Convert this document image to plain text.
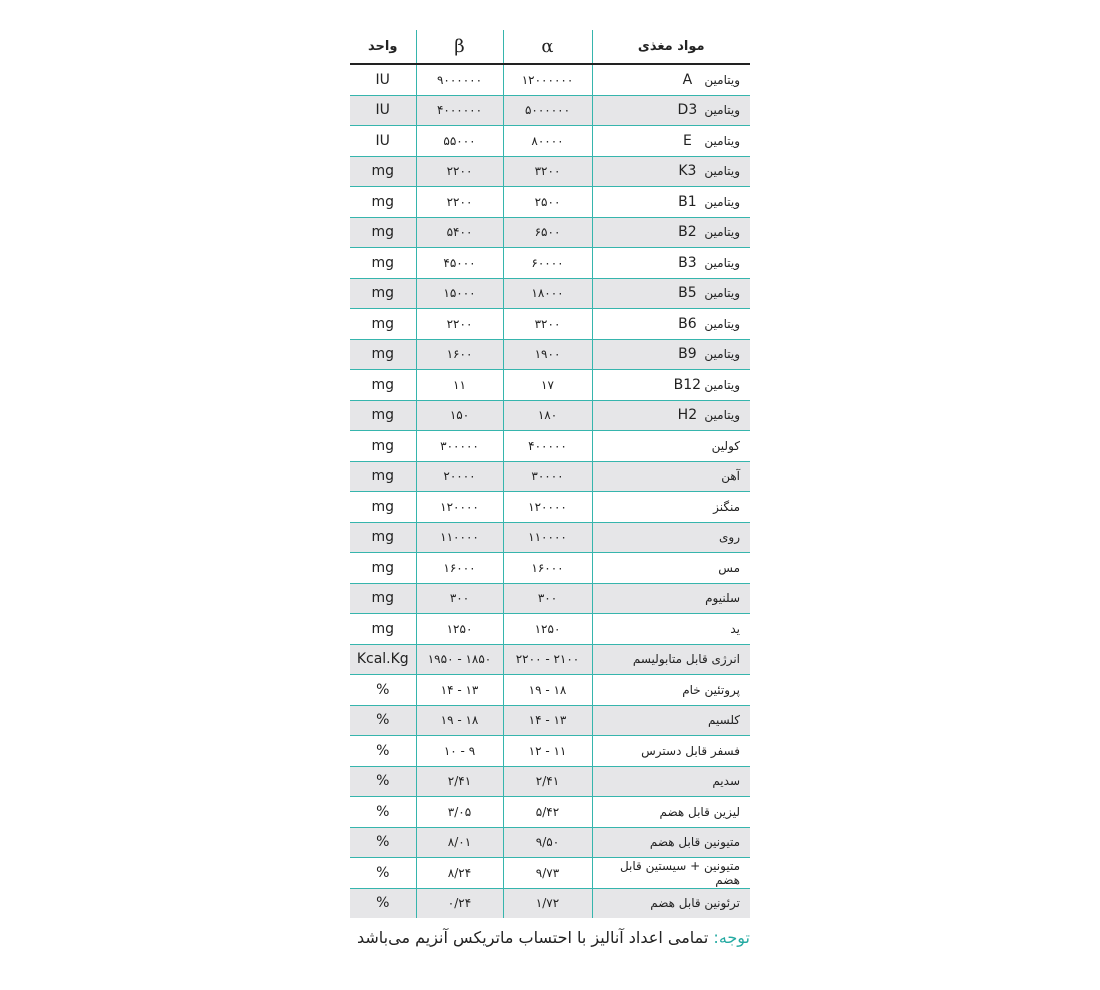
واحد	β	α	مواد مغذی
IU	۹۰۰۰۰۰۰	۱۲۰۰۰۰۰۰	A ویتامین
IU	۴۰۰۰۰۰۰	۵۰۰۰۰۰۰	D3 ویتامین
IU	۵۵۰۰۰	۸۰۰۰۰	E ویتامین
mg	۲۲۰۰	۳۲۰۰	K3 ویتامین
mg	۲۲۰۰	۲۵۰۰	B1 ویتامین
mg	۵۴۰۰	۶۵۰۰	B2 ویتامین
mg	۴۵۰۰۰	۶۰۰۰۰	B3 ویتامین
mg	۱۵۰۰۰	۱۸۰۰۰	B5 ویتامین
mg	۲۲۰۰	۳۲۰۰	B6 ویتامین
mg	۱۶۰۰	۱۹۰۰	B9 ویتامین
mg	۱۱	۱۷	B12 ویتامین
mg	۱۵۰	۱۸۰	H2 ویتامین
mg	۳۰۰۰۰۰	۴۰۰۰۰۰	کولین
mg	۲۰۰۰۰	۳۰۰۰۰	آهن
mg	۱۲۰۰۰۰	۱۲۰۰۰۰	منگنز
mg	۱۱۰۰۰۰	۱۱۰۰۰۰	روی
mg	۱۶۰۰۰	۱۶۰۰۰	مس
mg	۳۰۰	۳۰۰	سلنیوم
mg	۱۲۵۰	۱۲۵۰	ید
Kcal.Kg	۱۹۵۰ - ۱۸۵۰	۲۲۰۰ - ۲۱۰۰	انرژی قابل متابولیسم
%	۱۴ - ۱۳	۱۹ - ۱۸	پروتئین خام
%	۱۹ - ۱۸	۱۴ - ۱۳	کلسیم
%	۱۰ - ۹	۱۲ - ۱۱	فسفر قابل دسترس
%	۲/۴۱	۲/۴۱	سدیم
%	۳/۰۵	۵/۴۲	لیزین قابل هضم
%	۸/۰۱	۹/۵۰	متیونین قابل هضم
%	۸/۲۴	۹/۷۳	متیونین + سیستین قابل هضم
%	۰/۲۴	۱/۷۲	ترئونین قابل هضم
توجه: تمامی اعداد آنالیز با احتساب ماتریکس آنزیم می‌باشد
